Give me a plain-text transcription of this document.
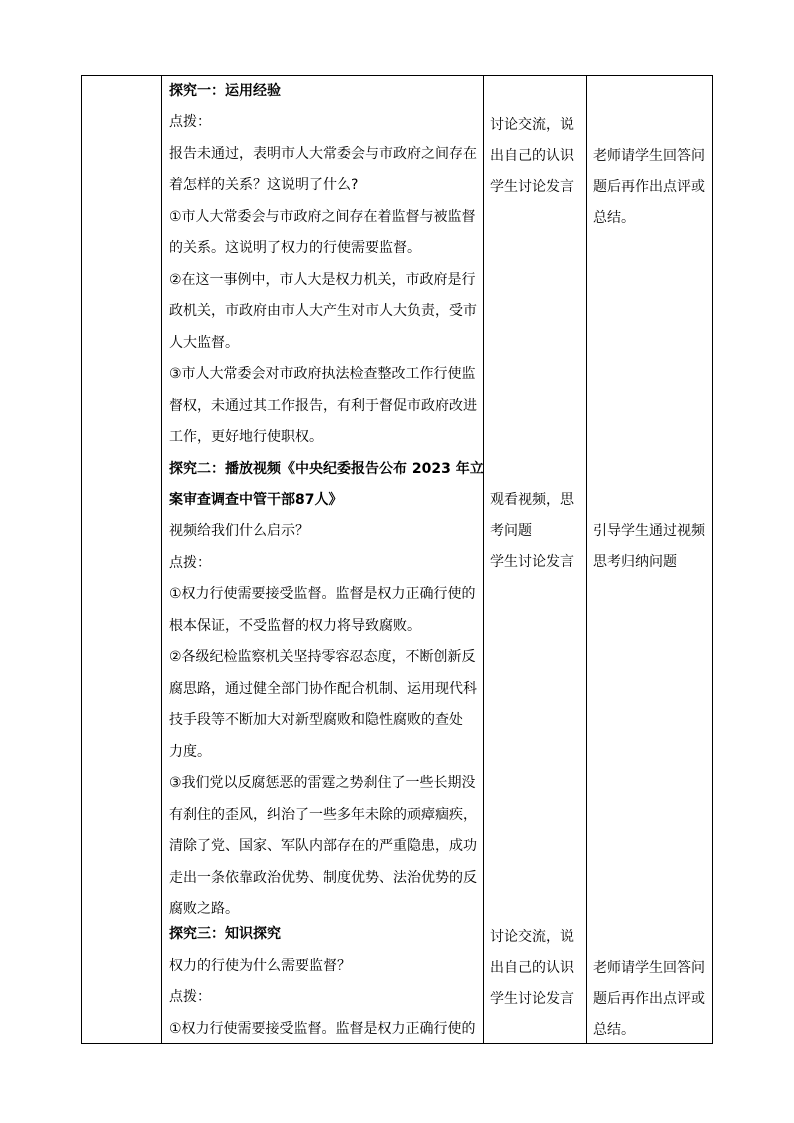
探究一：运用经验
点拨：
报告未通过，表明市人大常委会与市政府之间存在
着怎样的关系？这说明了什么?
①市人大常委会与市政府之间存在着监督与被监督
的关系。这说明了权力的行使需要监督。
②在这一事例中，市人大是权力机关，市政府是行
政机关，市政府由市人大产生对市人大负责，受市
人大监督。
③市人大常委会对市政府执法检查整改工作行使监
督权，未通过其工作报告，有利于督促市政府改进
工作，更好地行使职权。
探究二：播放视频《中央纪委报告公布 2023 年立
案审查调查中管干部87人》
视频给我们什么启示？
点拨：
①权力行使需要接受监督。监督是权力正确行使的
根本保证，不受监督的权力将导致腐败。
②各级纪检监察机关坚持零容忍态度，不断创新反
腐思路，通过健全部门协作配合机制、运用现代科
技手段等不断加大对新型腐败和隐性腐败的查处
力度。
③我们党以反腐惩恶的雷霆之势刹住了一些长期没
有刹住的歪风，纠治了一些多年未除的顽瘴痼疾，
清除了党、国家、军队内部存在的严重隐患，成功
走出一条依靠政治优势、制度优势、法治优势的反
腐败之路。
探究三：知识探究
权力的行使为什么需要监督？
点拨：
①权力行使需要接受监督。监督是权力正确行使的
讨论交流，说
出自己的认识
学生讨论发言
观看视频，思
考问题
学生讨论发言
讨论交流，说
出自己的认识
学生讨论发言
老师请学生回答问
题后再作出点评或
总结。
引导学生通过视频
思考归纳问题
老师请学生回答问
题后再作出点评或
总结。
